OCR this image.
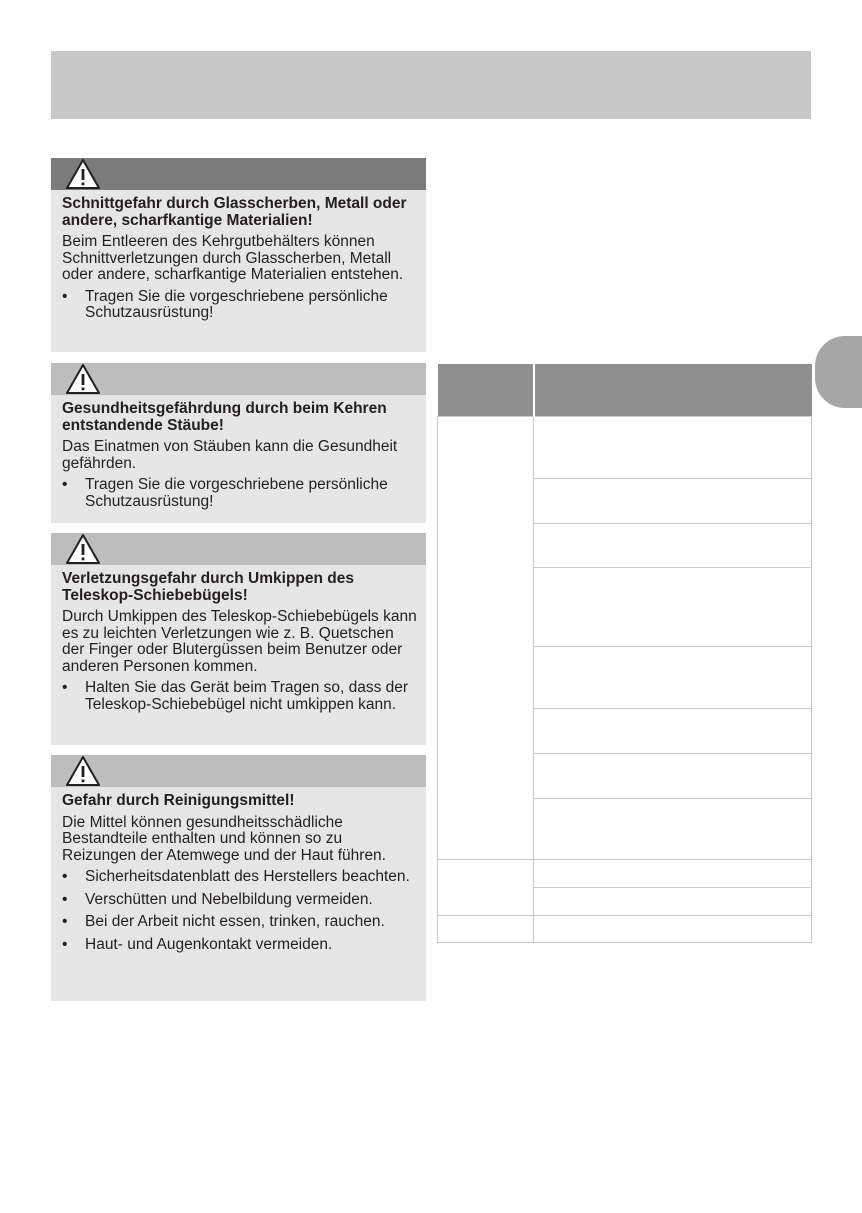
Schnittgefahr durch Glasscherben, Metall oder andere, scharfkantige Materialien!

Beim Entleeren des Kehrgutbehälters können Schnittverletzungen durch Glasscherben, Metall oder andere, scharfkantige Materialien entstehen.

• Tragen Sie die vorgeschriebene persönliche Schutzausrüstung!

Gesundheitsgefährdung durch beim Kehren entstandende Stäube!

Das Einatmen von Stäuben kann die Gesundheit gefährden.

• Tragen Sie die vorgeschriebene persönliche Schutzausrüstung!

Verletzungsgefahr durch Umkippen des Teleskop-Schiebebügels!

Durch Umkippen des Teleskop-Schiebebügels kann es zu leichten Verletzungen wie z. B. Quetschen der Finger oder Blutergüssen beim Benutzer oder anderen Personen kommen.

• Halten Sie das Gerät beim Tragen so, dass der Teleskop-Schiebebügel nicht umkippen kann.

Gefahr durch Reinigungsmittel!

Die Mittel können gesundheitsschädliche Bestandteile enthalten und können so zu Reizungen der Atemwege und der Haut führen.

• Sicherheitsdatenblatt des Herstellers beachten.
• Verschütten und Nebelbildung vermeiden.
• Bei der Arbeit nicht essen, trinken, rauchen.
• Haut- und Augenkontakt vermeiden.
